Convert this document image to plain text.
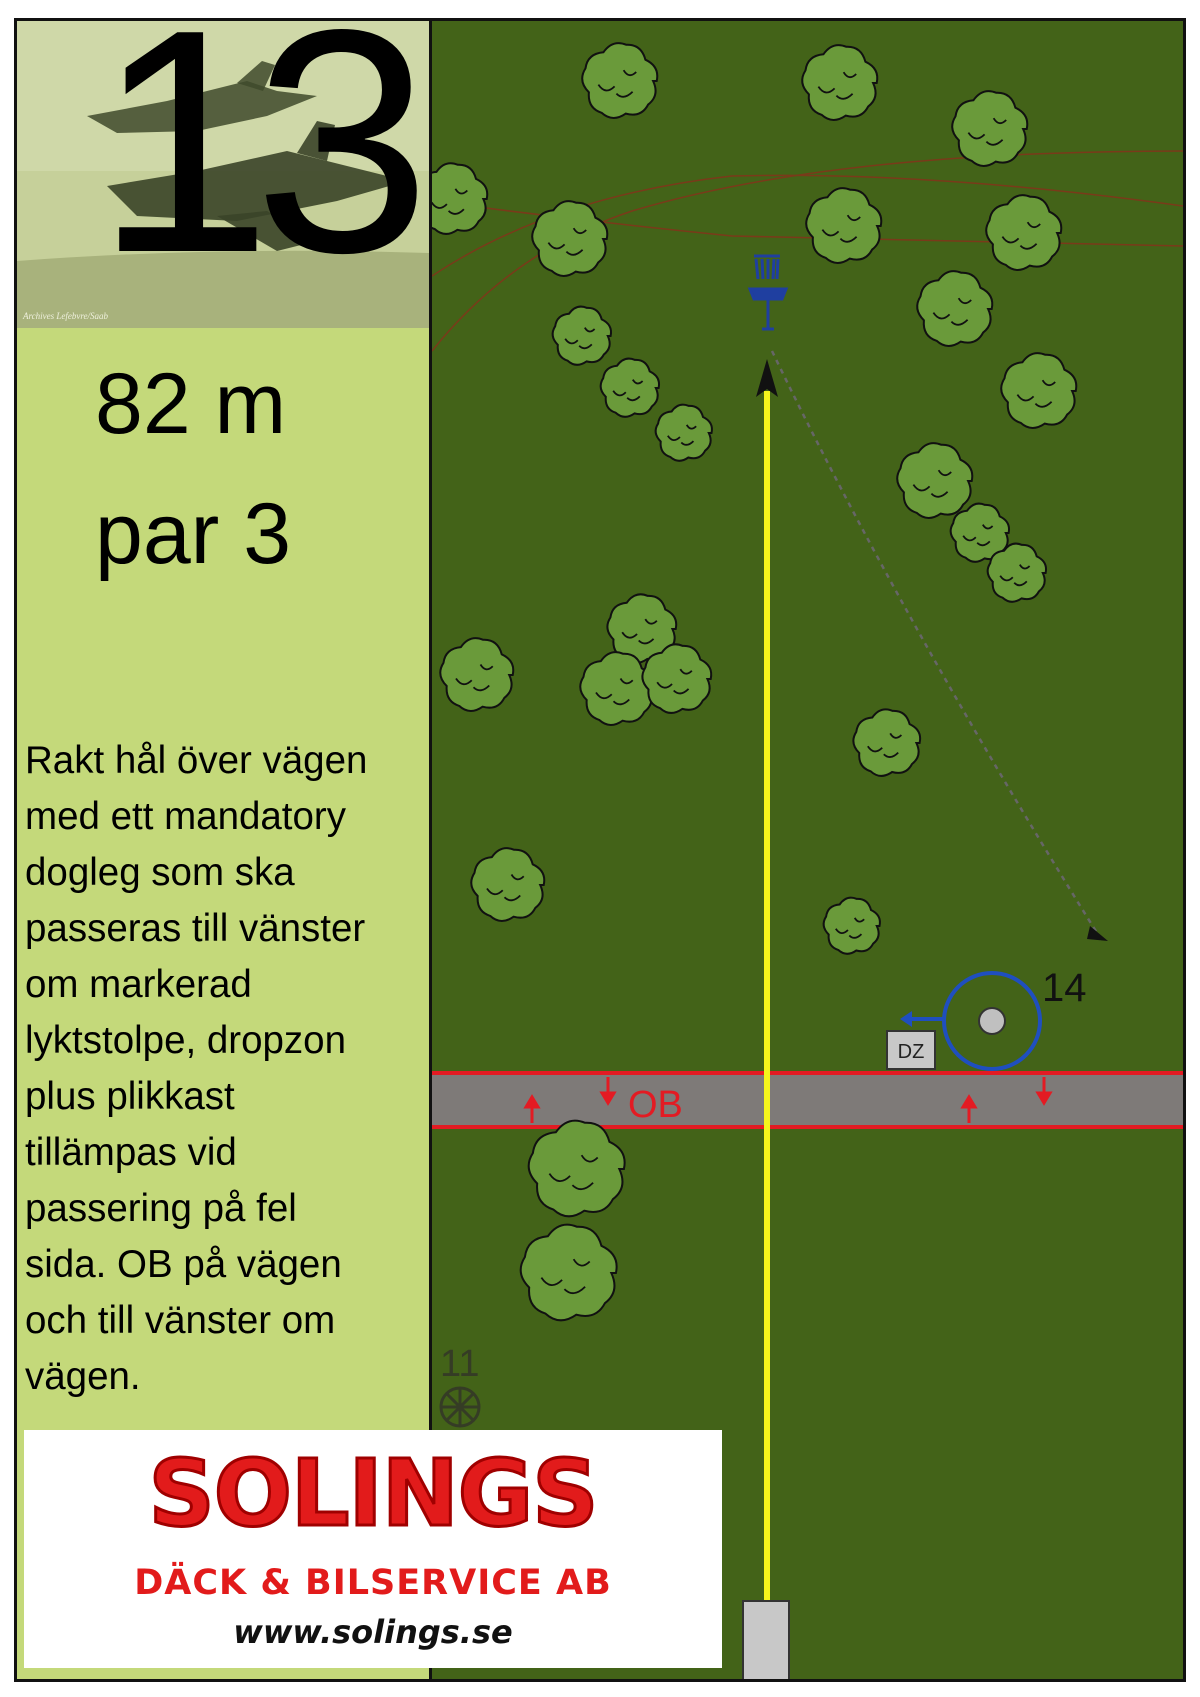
13
Archives Lefebvre/Saab
82 m
par 3
Rakt hål över vägen
med ett mandatory
dogleg som ska
passeras till vänster
om markerad
lyktstolpe, dropzon
plus plikkast
tillämpas vid
passering på fel
sida. OB på vägen
och till vänster om
vägen.
14
OB
DZ
11
SOLINGS
DÄCK & BILSERVICE AB
www.solings.se
